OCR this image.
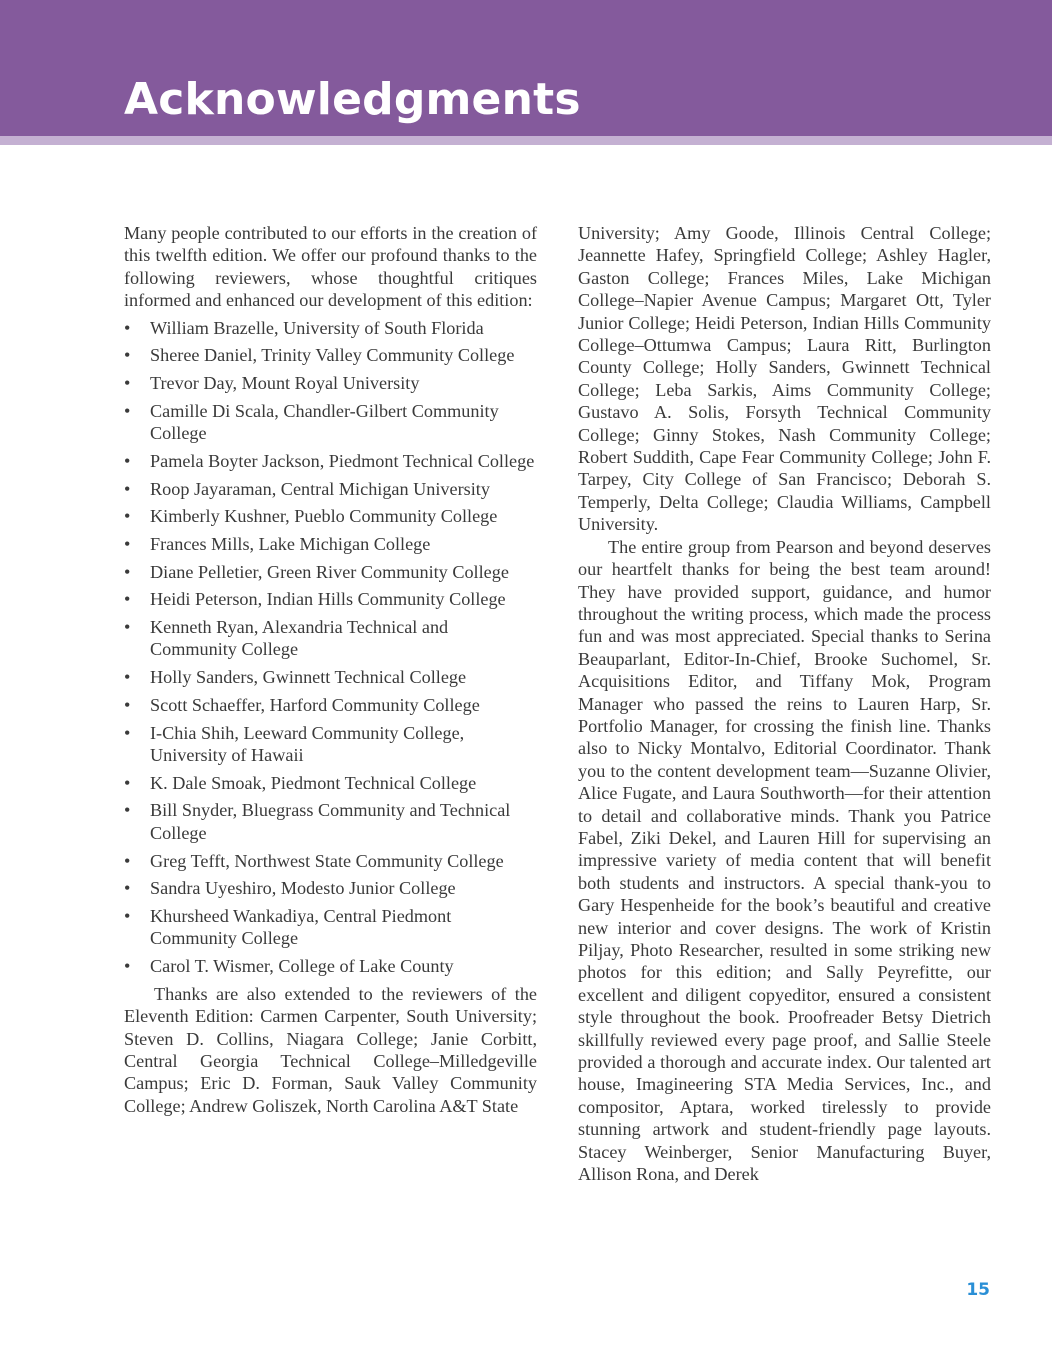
Acknowledgments

Many people contributed to our efforts in the creation of this twelfth edition. We offer our profound thanks to the following reviewers, whose thoughtful critiques informed and enhanced our development of this edition:

• William Brazelle, University of South Florida
• Sheree Daniel, Trinity Valley Community College
• Trevor Day, Mount Royal University
• Camille Di Scala, Chandler-Gilbert Community College
• Pamela Boyter Jackson, Piedmont Technical College
• Roop Jayaraman, Central Michigan University
• Kimberly Kushner, Pueblo Community College
• Frances Mills, Lake Michigan College
• Diane Pelletier, Green River Community College
• Heidi Peterson, Indian Hills Community College
• Kenneth Ryan, Alexandria Technical and Community College
• Holly Sanders, Gwinnett Technical College
• Scott Schaeffer, Harford Community College
• I-Chia Shih, Leeward Community College, University of Hawaii
• K. Dale Smoak, Piedmont Technical College
• Bill Snyder, Bluegrass Community and Technical College
• Greg Tefft, Northwest State Community College
• Sandra Uyeshiro, Modesto Junior College
• Khursheed Wankadiya, Central Piedmont Community College
• Carol T. Wismer, College of Lake County

Thanks are also extended to the reviewers of the Eleventh Edition: Carmen Carpenter, South University; Steven D. Collins, Niagara College; Janie Corbitt, Central Georgia Technical College–Milledgeville Campus; Eric D. Forman, Sauk Valley Community College; Andrew Goliszek, North Carolina A&T State

University; Amy Goode, Illinois Central College; Jeannette Hafey, Springfield College; Ashley Hagler, Gaston College; Frances Miles, Lake Michigan College–Napier Avenue Campus; Margaret Ott, Tyler Junior College; Heidi Peterson, Indian Hills Community College–Ottumwa Campus; Laura Ritt, Burlington County College; Holly Sanders, Gwinnett Technical College; Leba Sarkis, Aims Community College; Gustavo A. Solis, Forsyth Technical Community College; Ginny Stokes, Nash Community College; Robert Suddith, Cape Fear Community College; John F. Tarpey, City College of San Francisco; Deborah S. Temperly, Delta College; Claudia Williams, Campbell University.

The entire group from Pearson and beyond deserves our heartfelt thanks for being the best team around! They have provided support, guidance, and humor throughout the writing process, which made the process fun and was most appreciated. Special thanks to Serina Beauparlant, Editor-In-Chief, Brooke Suchomel, Sr. Acquisitions Editor, and Tiffany Mok, Program Manager who passed the reins to Lauren Harp, Sr. Portfolio Manager, for crossing the finish line. Thanks also to Nicky Montalvo, Editorial Coordinator. Thank you to the content development team—Suzanne Olivier, Alice Fugate, and Laura Southworth—for their attention to detail and collaborative minds. Thank you Patrice Fabel, Ziki Dekel, and Lauren Hill for supervising an impressive variety of media content that will benefit both students and instructors. A special thank-you to Gary Hespenheide for the book’s beautiful and creative new interior and cover designs. The work of Kristin Piljay, Photo Researcher, resulted in some striking new photos for this edition; and Sally Peyrefitte, our excellent and diligent copyeditor, ensured a consistent style throughout the book. Proofreader Betsy Dietrich skillfully reviewed every page proof, and Sallie Steele provided a thorough and accurate index. Our talented art house, Imagineering STA Media Services, Inc., and compositor, Aptara, worked tirelessly to provide stunning artwork and student-friendly page layouts. Stacey Weinberger, Senior Manufacturing Buyer, Allison Rona, and Derek

15
